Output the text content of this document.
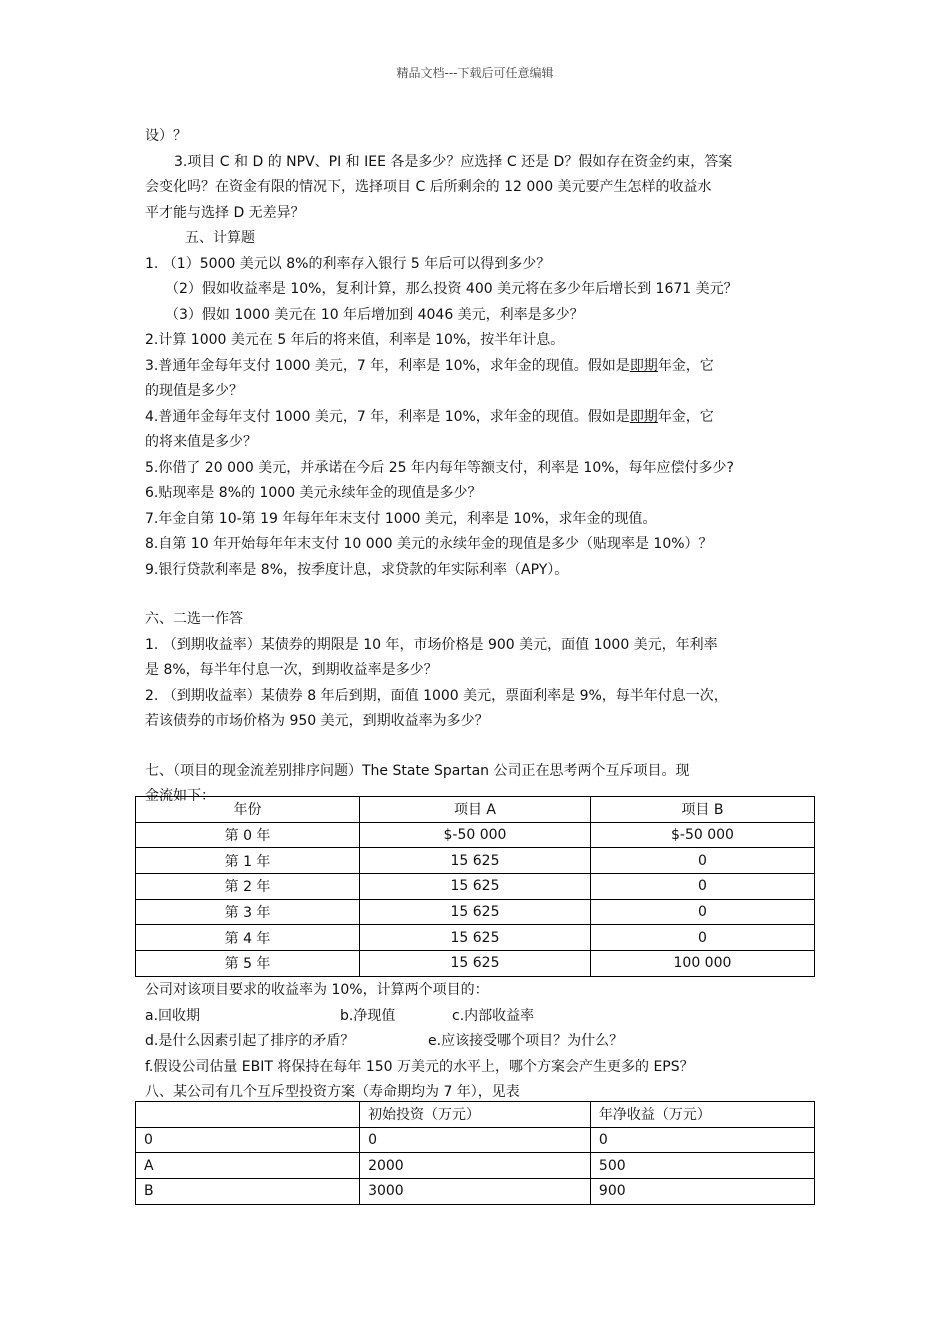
精品文档---下载后可任意编辑
设）？
3.项目 C 和 D 的 NPV、PI 和 IEE 各是多少？应选择 C 还是 D？假如存在资金约束，答案
会变化吗？在资金有限的情况下，选择项目 C 后所剩余的 12 000 美元要产生怎样的收益水
平才能与选择 D 无差异？
五、计算题
1. （1）5000 美元以 8%的利率存入银行 5 年后可以得到多少？
（2）假如收益率是 10%，复利计算，那么投资 400 美元将在多少年后增长到 1671 美元？
（3）假如 1000 美元在 10 年后增加到 4046 美元，利率是多少？
2.计算 1000 美元在 5 年后的将来值，利率是 10%，按半年计息。
3.普通年金每年支付 1000 美元，7 年，利率是 10%，求年金的现值。假如是即期年金，它
的现值是多少？
4.普通年金每年支付 1000 美元，7 年，利率是 10%，求年金的现值。假如是即期年金，它
的将来值是多少？
5.你借了 20 000 美元，并承诺在今后 25 年内每年等额支付，利率是 10%，每年应偿付多少?
6.贴现率是 8%的 1000 美元永续年金的现值是多少？
7.年金自第 10-第 19 年每年年末支付 1000 美元，利率是 10%，求年金的现值。
8.自第 10 年开始每年年末支付 10 000 美元的永续年金的现值是多少（贴现率是 10%）？
9.银行贷款利率是 8%，按季度计息，求贷款的年实际利率（APY）。
六、二选一作答
1. （到期收益率）某债券的期限是 10 年，市场价格是 900 美元，面值 1000 美元，年利率
是 8%，每半年付息一次，到期收益率是多少？
2. （到期收益率）某债券 8 年后到期，面值 1000 美元，票面利率是 9%，每半年付息一次，
若该债券的市场价格为 950 美元，到期收益率为多少？
七、（项目的现金流差别排序问题）The State Spartan 公司正在思考两个互斥项目。现
金流如下：
年份	项目 A	项目 B
第 0 年	$-50 000	$-50 000
第 1 年	15 625	0
第 2 年	15 625	0
第 3 年	15 625	0
第 4 年	15 625	0
第 5 年	15 625	100 000
公司对该项目要求的收益率为 10%，计算两个项目的：
a.回收期	b.净现值	c.内部收益率
d.是什么因素引起了排序的矛盾？	e.应该接受哪个项目？为什么？
f.假设公司估量 EBIT 将保持在每年 150 万美元的水平上，哪个方案会产生更多的 EPS？
八、某公司有几个互斥型投资方案（寿命期均为 7 年），见表
	初始投资（万元）	年净收益（万元）
0	0	0
A	2000	500
B	3000	900
